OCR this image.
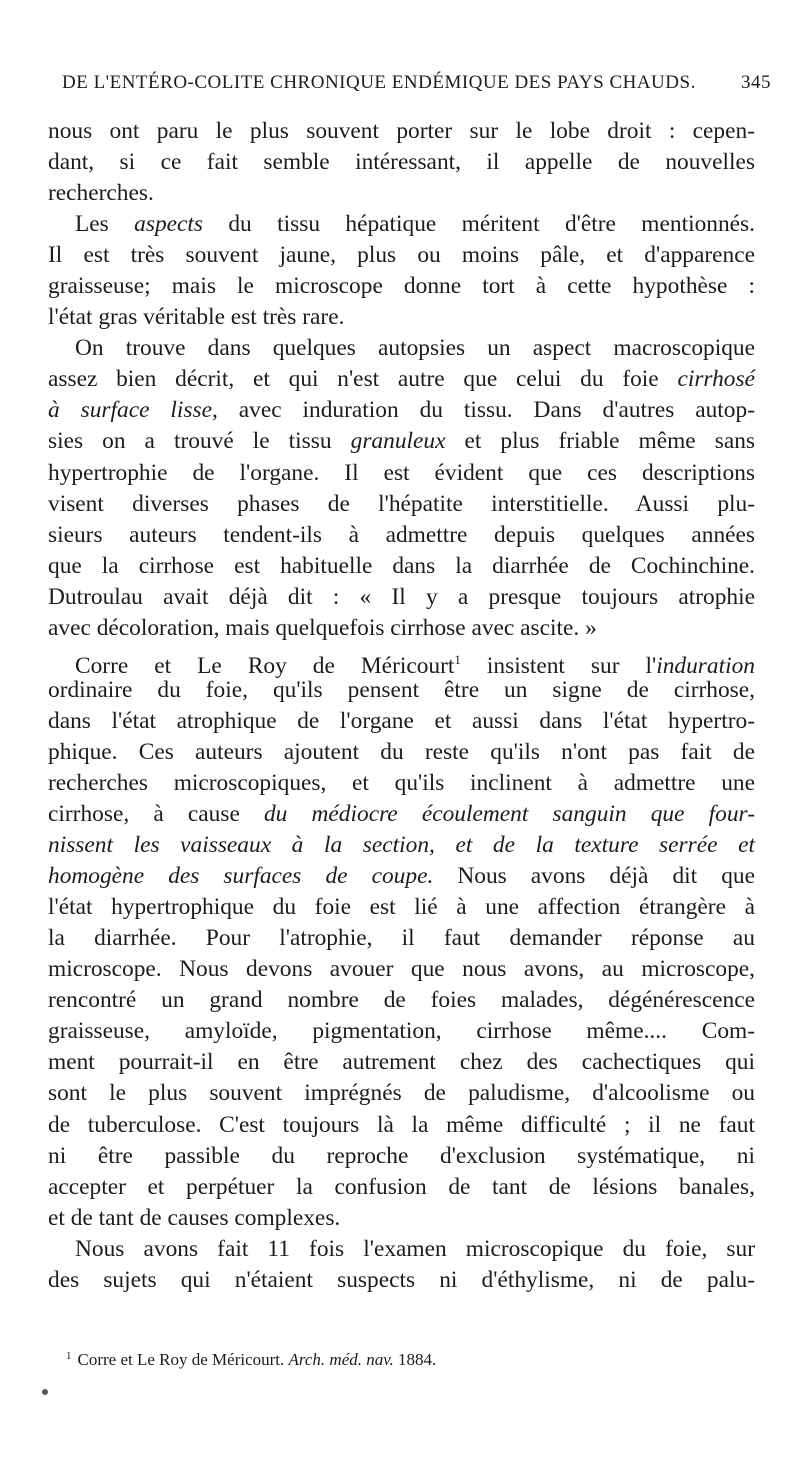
DE L'ENTÉRO-COLITE CHRONIQUE ENDÉMIQUE DES PAYS CHAUDS. 345
nous ont paru le plus souvent porter sur le lobe droit : cepen-
dant, si ce fait semble intéressant, il appelle de nouvelles
recherches.
Les aspects du tissu hépatique méritent d'être mentionnés.
Il est très souvent jaune, plus ou moins pâle, et d'apparence
graisseuse; mais le microscope donne tort à cette hypothèse :
l'état gras véritable est très rare.
On trouve dans quelques autopsies un aspect macroscopique
assez bien décrit, et qui n'est autre que celui du foie cirrhosé
à surface lisse, avec induration du tissu. Dans d'autres autop-
sies on a trouvé le tissu granuleux et plus friable même sans
hypertrophie de l'organe. Il est évident que ces descriptions
visent diverses phases de l'hépatite interstitielle. Aussi plu-
sieurs auteurs tendent-ils à admettre depuis quelques années
que la cirrhose est habituelle dans la diarrhée de Cochinchine.
Dutroulau avait déjà dit : « Il y a presque toujours atrophie
avec décoloration, mais quelquefois cirrhose avec ascite. »
Corre et Le Roy de Méricourt$^1$ insistent sur l'induration
ordinaire du foie, qu'ils pensent être un signe de cirrhose,
dans l'état atrophique de l'organe et aussi dans l'état hypertro-
phique. Ces auteurs ajoutent du reste qu'ils n'ont pas fait de
recherches microscopiques, et qu'ils inclinent à admettre une
cirrhose, à cause du médiocre écoulement sanguin que four-
nissent les vaisseaux à la section, et de la texture serrée et
homogène des surfaces de coupe. Nous avons déjà dit que
l'état hypertrophique du foie est lié à une affection étrangère à
la diarrhée. Pour l'atrophie, il faut demander réponse au
microscope. Nous devons avouer que nous avons, au microscope,
rencontré un grand nombre de foies malades, dégénérescence
graisseuse, amyloïde, pigmentation, cirrhose même.... Com-
ment pourrait-il en être autrement chez des cachectiques qui
sont le plus souvent imprégnés de paludisme, d'alcoolisme ou
de tuberculose. C'est toujours là la même difficulté ; il ne faut
ni être passible du reproche d'exclusion systématique, ni
accepter et perpétuer la confusion de tant de lésions banales,
et de tant de causes complexes.
Nous avons fait 11 fois l'examen microscopique du foie, sur
des sujets qui n'étaient suspects ni d'éthylisme, ni de palu-
$^1$ Corre et Le Roy de Méricourt. Arch. méd. nav. 1884.
